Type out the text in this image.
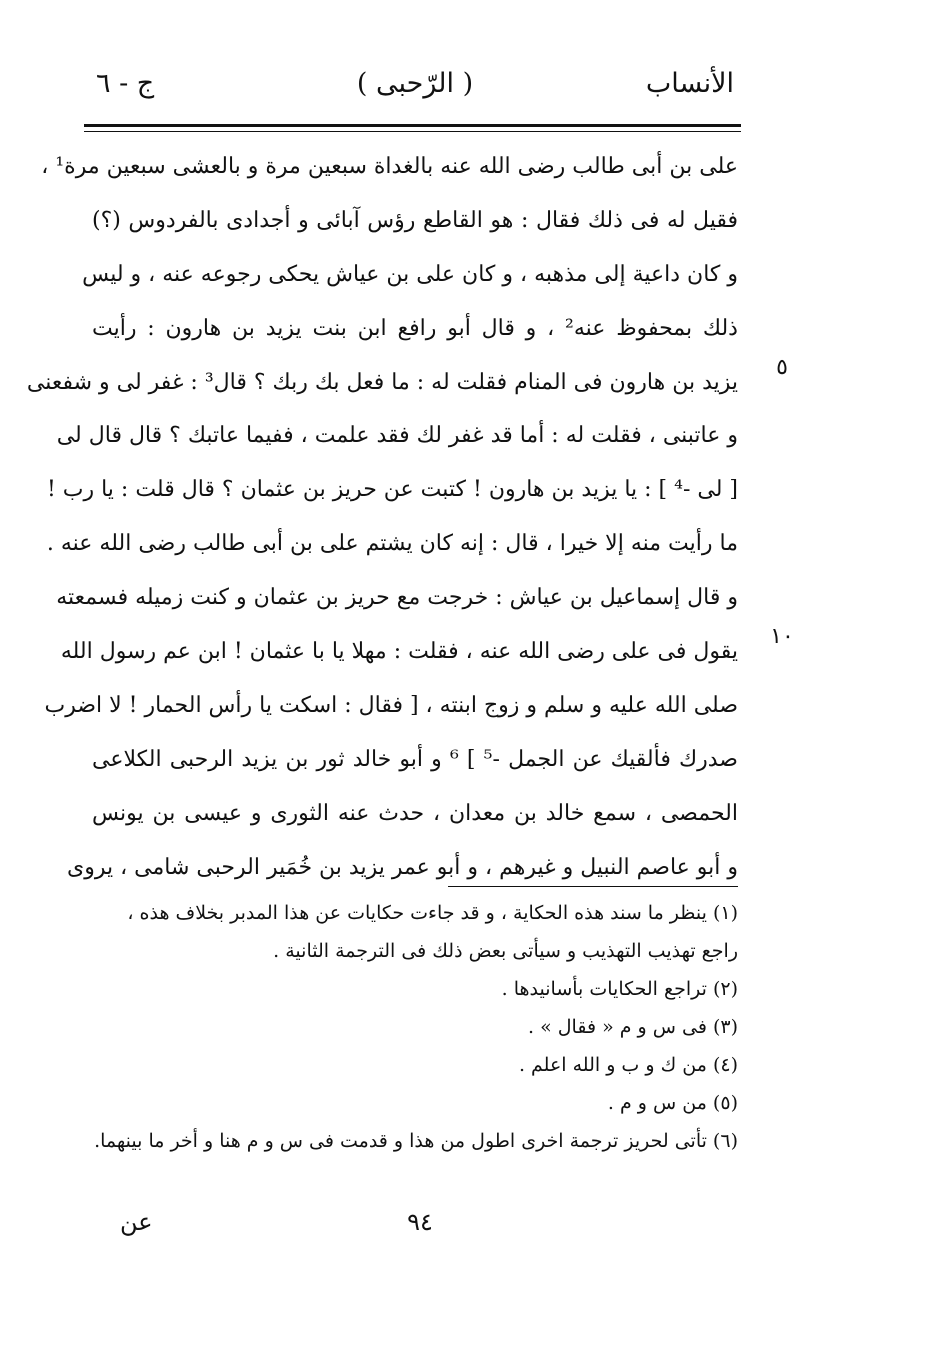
الأنساب
( الرّحبی )
ج - ٦
علی بن أبی طالب رضی الله عنه بالغداة سبعین مرة و بالعشی سبعین مرة¹ ،
فقیل له فی ذلك فقال : هو القاطع رؤس آبائی و أجدادی بالفردوس (؟)
و كان داعیة إلی مذهبه ، و كان علی بن عیاش یحكی رجوعه عنه ، و لیس
ذلك بمحفوظ عنه² ، و قال أبو رافع ابن بنت یزید بن هارون : رأیت
یزید بن هارون فی المنام فقلت له : ما فعل بك ربك ؟ قال³ : غفر لی و شفعنی
و عاتبنی ، فقلت له : أما قد غفر لك فقد علمت ، ففیما عاتبك ؟ قال قال لی
[ لی -⁴ ] : یا یزید بن هارون ! كتبت عن حریز بن عثمان ؟ قال قلت : یا رب !
ما رأیت منه إلا خیرا ، قال : إنه كان یشتم علی بن أبی طالب رضی الله عنه .
و قال إسماعیل بن عیاش : خرجت مع حریز بن عثمان و كنت زمیله فسمعته
یقول فی علی رضی الله عنه ، فقلت : مهلا یا با عثمان ! ابن عم رسول الله
صلی الله علیه و سلم و زوج ابنته ، [ فقال : اسكت یا رأس الحمار ! لا اضرب
صدرك فألقیك عن الجمل -⁵ ] ⁶ و أبو خالد ثور بن یزید الرحبی الكلاعی
الحمصی ، سمع خالد بن معدان ، حدث عنه الثوری و عیسی بن یونس
و أبو عاصم النبیل و غیرهم ، و أبو عمر یزید بن خُمَیر الرحبی شامی ، یروی
٥
١٠
(١) ینظر ما سند هذه الحكایة ، و قد جاءت حكایات عن هذا المدبر بخلاف هذه ،
راجع تهذیب التهذیب و سیأتی بعض ذلك فی الترجمة الثانیة .
(٢) تراجع الحكایات بأسانیدها .
(٣) فی س و م « فقال » .
(٤) من ك و ب و الله اعلم .
(٥) من س و م .
(٦) تأتی لحریز ترجمة اخری اطول من هذا و قدمت فی س و م هنا و أخر ما بینهما.
٩٤
عن
